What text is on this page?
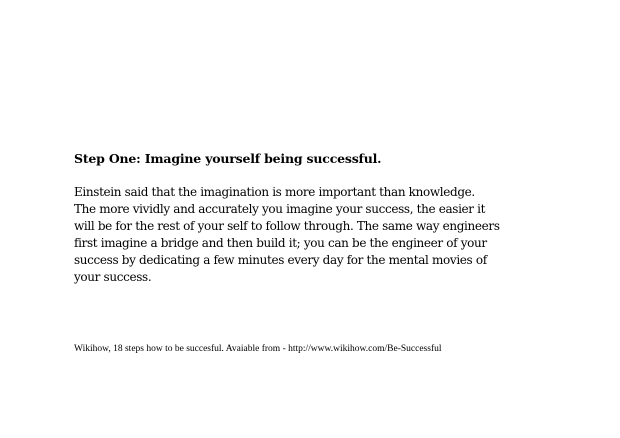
Step One: Imagine yourself being successful.
Einstein said that the imagination is more important than knowledge.
The more vividly and accurately you imagine your success, the easier it
will be for the rest of your self to follow through. The same way engineers
first imagine a bridge and then build it; you can be the engineer of your
success by dedicating a few minutes every day for the mental movies of
your success.
Wikihow, 18 steps how to be succesful. Avaiable from - http://www.wikihow.com/Be-Successful
